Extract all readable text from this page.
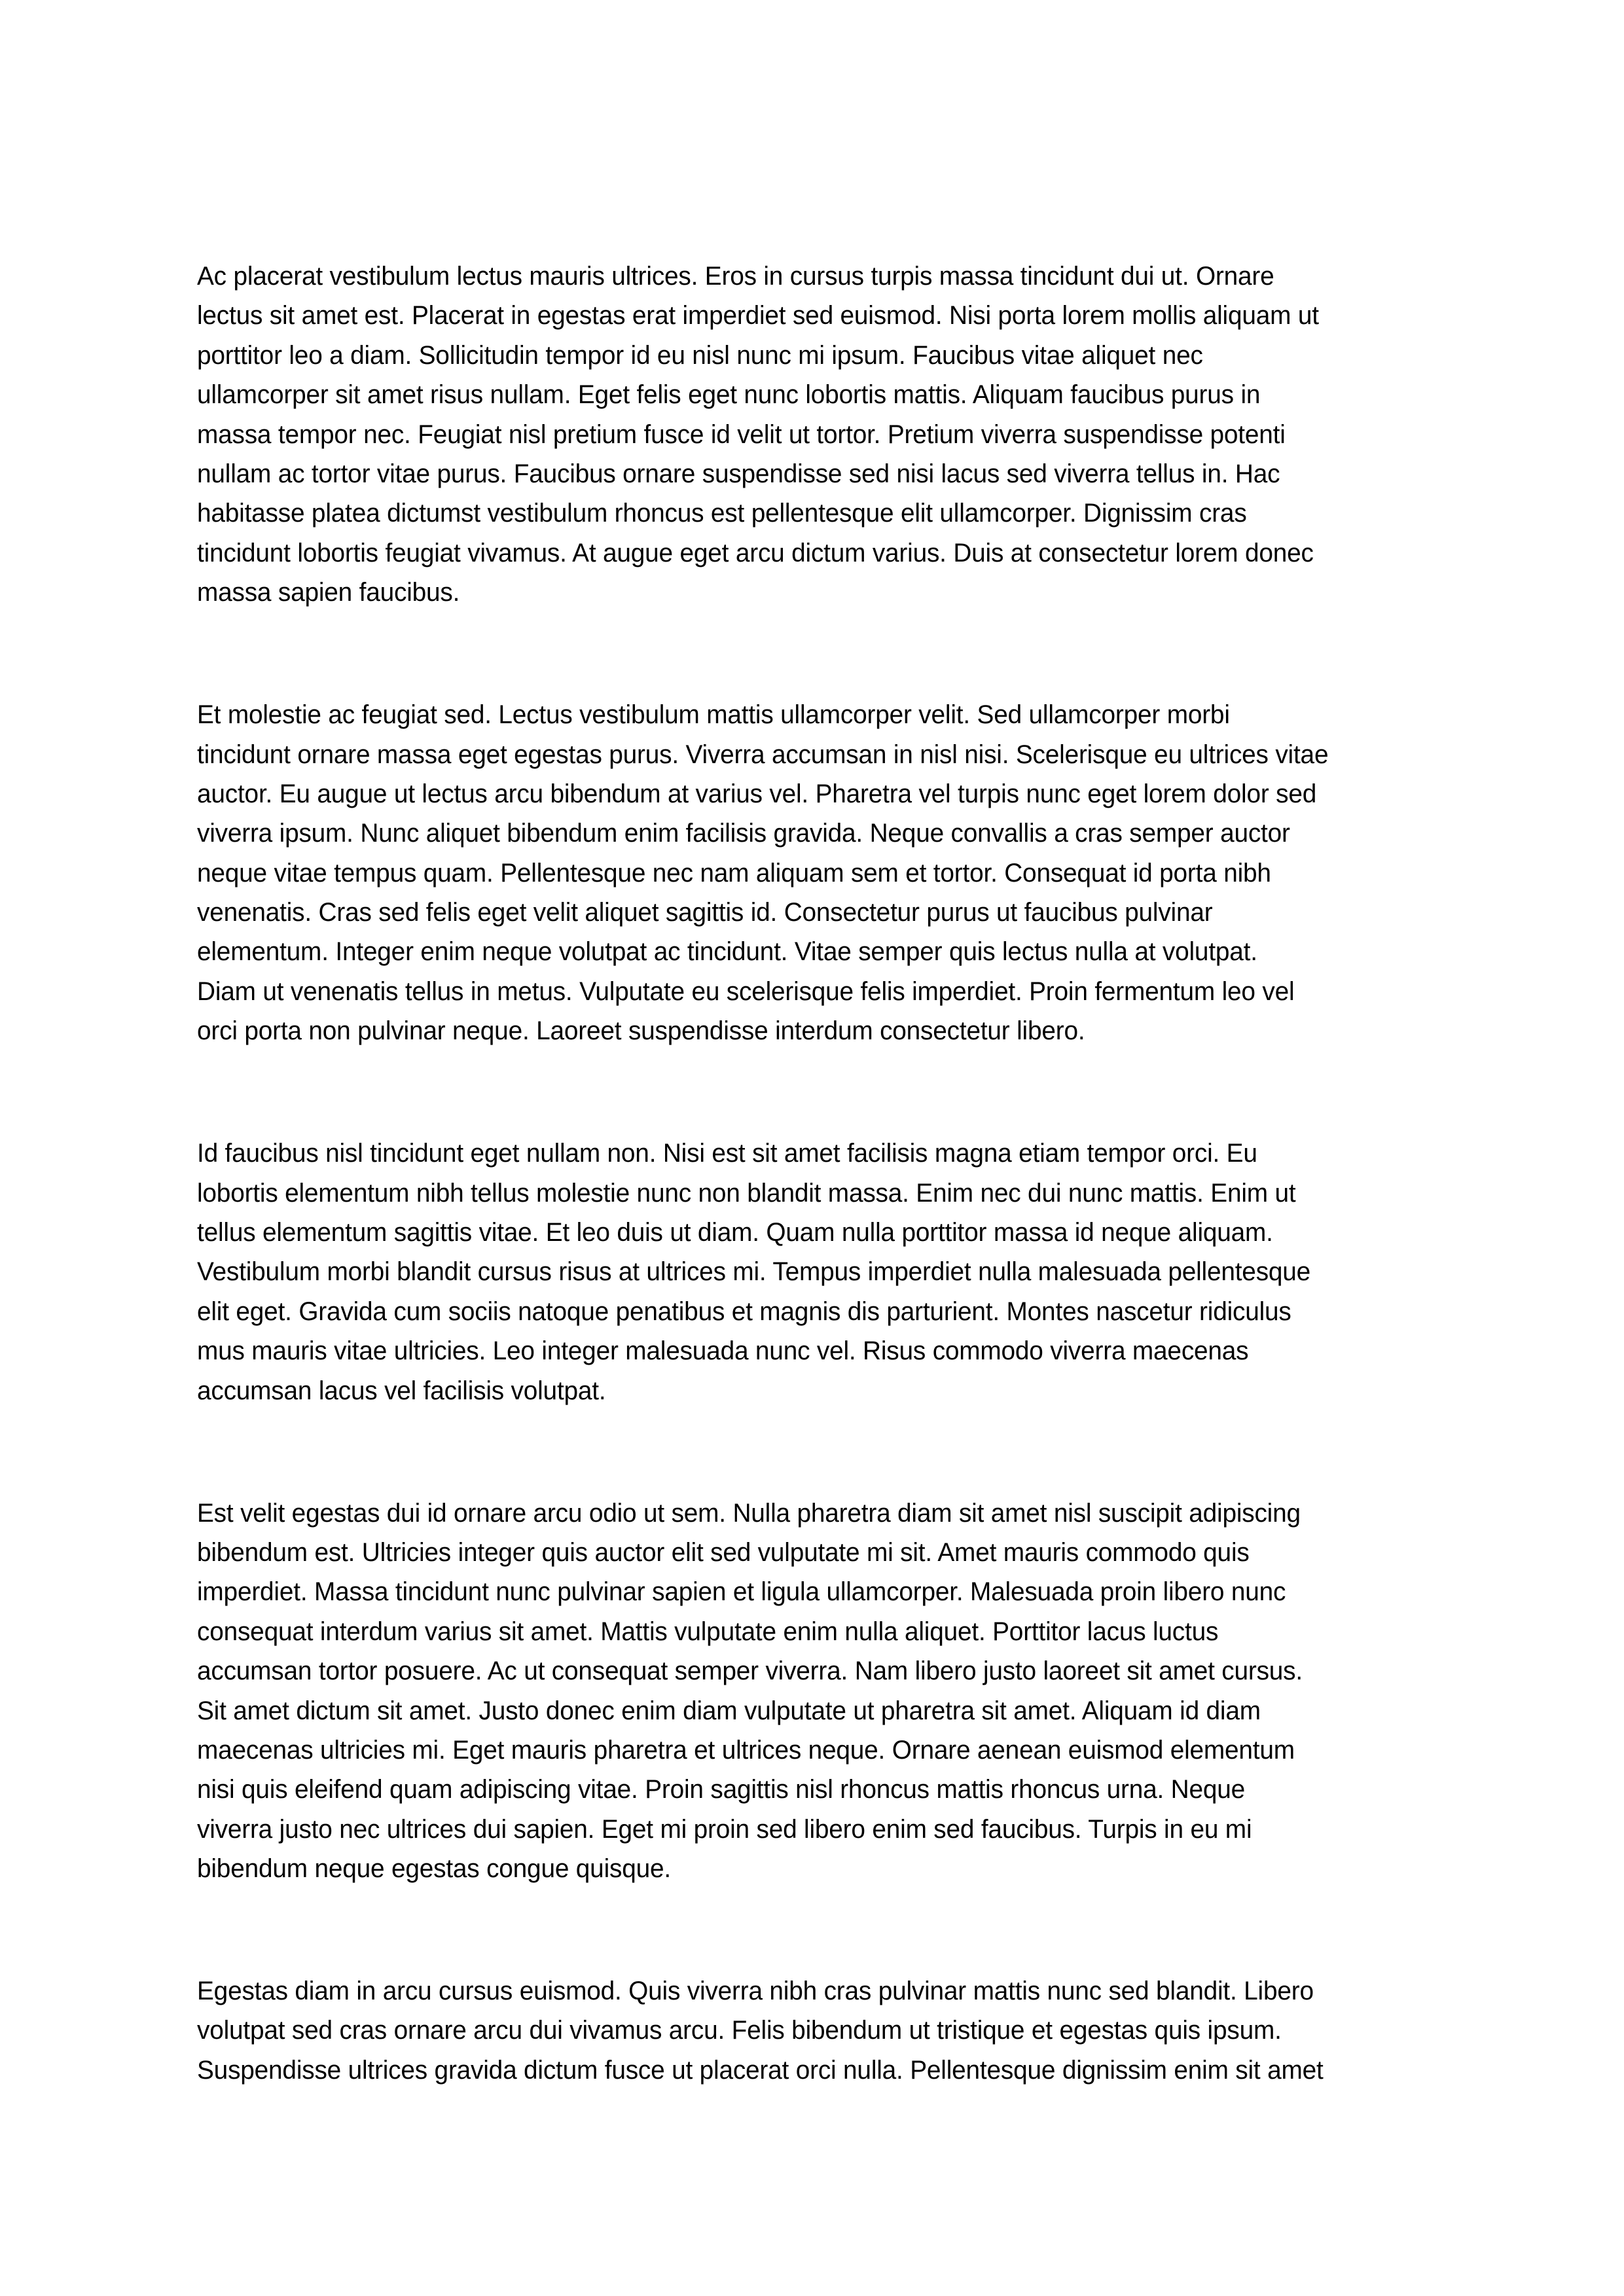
Ac placerat vestibulum lectus mauris ultrices. Eros in cursus turpis massa tincidunt dui ut. Ornare
lectus sit amet est. Placerat in egestas erat imperdiet sed euismod. Nisi porta lorem mollis aliquam ut
porttitor leo a diam. Sollicitudin tempor id eu nisl nunc mi ipsum. Faucibus vitae aliquet nec
ullamcorper sit amet risus nullam. Eget felis eget nunc lobortis mattis. Aliquam faucibus purus in
massa tempor nec. Feugiat nisl pretium fusce id velit ut tortor. Pretium viverra suspendisse potenti
nullam ac tortor vitae purus. Faucibus ornare suspendisse sed nisi lacus sed viverra tellus in. Hac
habitasse platea dictumst vestibulum rhoncus est pellentesque elit ullamcorper. Dignissim cras
tincidunt lobortis feugiat vivamus. At augue eget arcu dictum varius. Duis at consectetur lorem donec
massa sapien faucibus.

Et molestie ac feugiat sed. Lectus vestibulum mattis ullamcorper velit. Sed ullamcorper morbi
tincidunt ornare massa eget egestas purus. Viverra accumsan in nisl nisi. Scelerisque eu ultrices vitae
auctor. Eu augue ut lectus arcu bibendum at varius vel. Pharetra vel turpis nunc eget lorem dolor sed
viverra ipsum. Nunc aliquet bibendum enim facilisis gravida. Neque convallis a cras semper auctor
neque vitae tempus quam. Pellentesque nec nam aliquam sem et tortor. Consequat id porta nibh
venenatis. Cras sed felis eget velit aliquet sagittis id. Consectetur purus ut faucibus pulvinar
elementum. Integer enim neque volutpat ac tincidunt. Vitae semper quis lectus nulla at volutpat.
Diam ut venenatis tellus in metus. Vulputate eu scelerisque felis imperdiet. Proin fermentum leo vel
orci porta non pulvinar neque. Laoreet suspendisse interdum consectetur libero.

Id faucibus nisl tincidunt eget nullam non. Nisi est sit amet facilisis magna etiam tempor orci. Eu
lobortis elementum nibh tellus molestie nunc non blandit massa. Enim nec dui nunc mattis. Enim ut
tellus elementum sagittis vitae. Et leo duis ut diam. Quam nulla porttitor massa id neque aliquam.
Vestibulum morbi blandit cursus risus at ultrices mi. Tempus imperdiet nulla malesuada pellentesque
elit eget. Gravida cum sociis natoque penatibus et magnis dis parturient. Montes nascetur ridiculus
mus mauris vitae ultricies. Leo integer malesuada nunc vel. Risus commodo viverra maecenas
accumsan lacus vel facilisis volutpat.

Est velit egestas dui id ornare arcu odio ut sem. Nulla pharetra diam sit amet nisl suscipit adipiscing
bibendum est. Ultricies integer quis auctor elit sed vulputate mi sit. Amet mauris commodo quis
imperdiet. Massa tincidunt nunc pulvinar sapien et ligula ullamcorper. Malesuada proin libero nunc
consequat interdum varius sit amet. Mattis vulputate enim nulla aliquet. Porttitor lacus luctus
accumsan tortor posuere. Ac ut consequat semper viverra. Nam libero justo laoreet sit amet cursus.
Sit amet dictum sit amet. Justo donec enim diam vulputate ut pharetra sit amet. Aliquam id diam
maecenas ultricies mi. Eget mauris pharetra et ultrices neque. Ornare aenean euismod elementum
nisi quis eleifend quam adipiscing vitae. Proin sagittis nisl rhoncus mattis rhoncus urna. Neque
viverra justo nec ultrices dui sapien. Eget mi proin sed libero enim sed faucibus. Turpis in eu mi
bibendum neque egestas congue quisque.

Egestas diam in arcu cursus euismod. Quis viverra nibh cras pulvinar mattis nunc sed blandit. Libero
volutpat sed cras ornare arcu dui vivamus arcu. Felis bibendum ut tristique et egestas quis ipsum.
Suspendisse ultrices gravida dictum fusce ut placerat orci nulla. Pellentesque dignissim enim sit amet
